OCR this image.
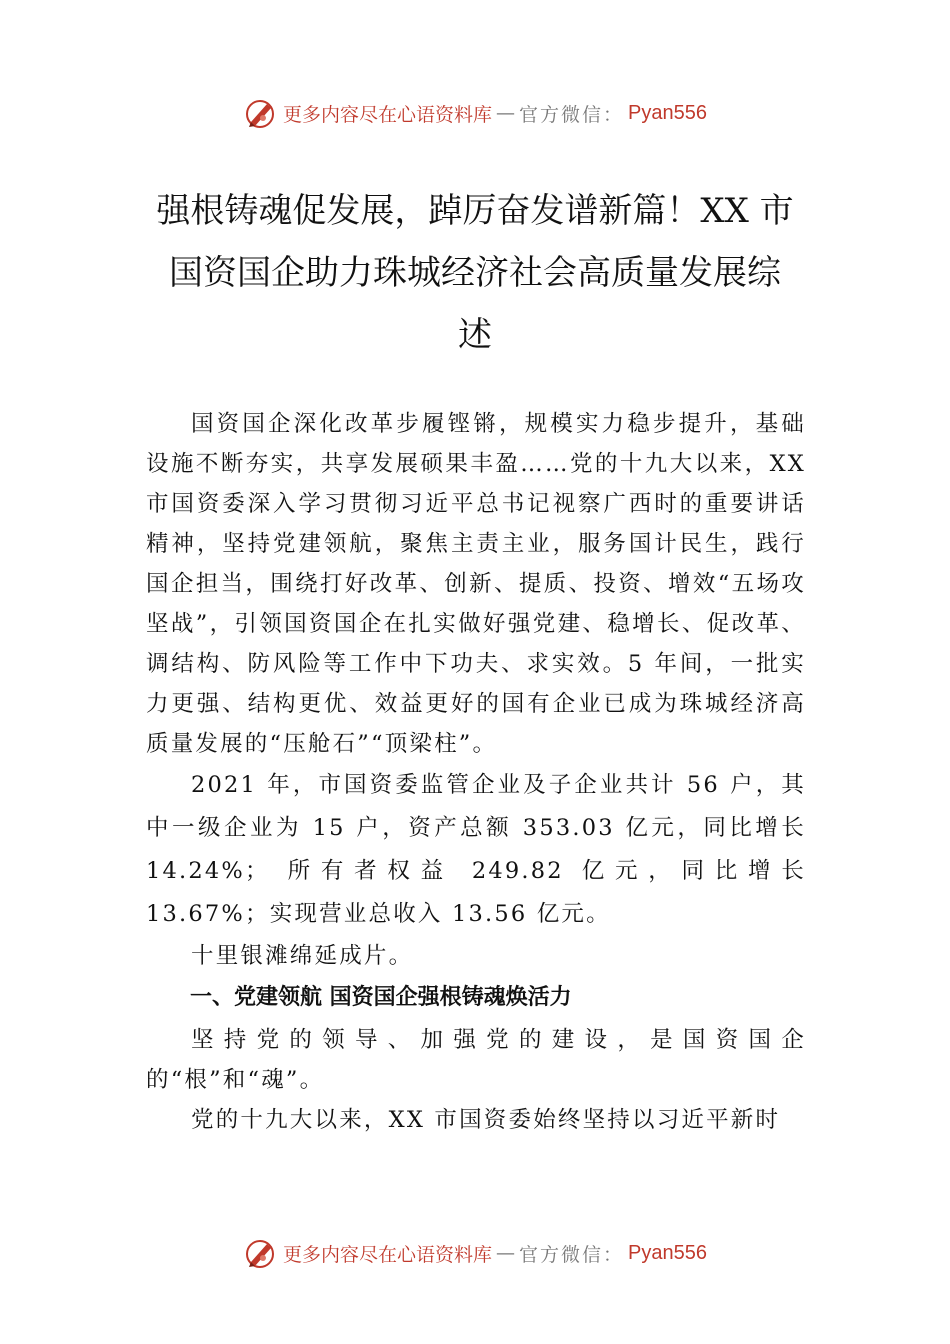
更多内容尽在心语资料库 — 官方微信： Pyan556
强根铸魂促发展，踔厉奋发谱新篇！XX 市
国资国企助力珠城经济社会高质量发展综
述

国资国企深化改革步履铿锵，规模实力稳步提升，基础设施不断夯实，共享发展硕果丰盈……党的十九大以来，XX 市国资委深入学习贯彻习近平总书记视察广西时的重要讲话精神，坚持党建领航，聚焦主责主业，服务国计民生，践行国企担当，围绕打好改革、创新、提质、投资、增效“五场攻坚战”，引领国资国企在扎实做好强党建、稳增长、促改革、调结构、防风险等工作中下功夫、求实效。5 年间，一批实力更强、结构更优、效益更好的国有企业已成为珠城经济高质量发展的“压舱石”“顶梁柱”。

2021 年，市国资委监管企业及子企业共计 56 户，其中一级企业为 15 户，资产总额 353.03 亿元，同比增长 14.24%； 所有者权益 249.82 亿元，同比增长 13.67%；实现营业总收入 13.56 亿元。

十里银滩绵延成片。

一、党建领航 国资国企强根铸魂焕活力

坚持党的领导、加强党的建设，是国资国企的“根”和“魂”。

党的十九大以来，XX 市国资委始终坚持以习近平新时

更多内容尽在心语资料库 — 官方微信： Pyan556
